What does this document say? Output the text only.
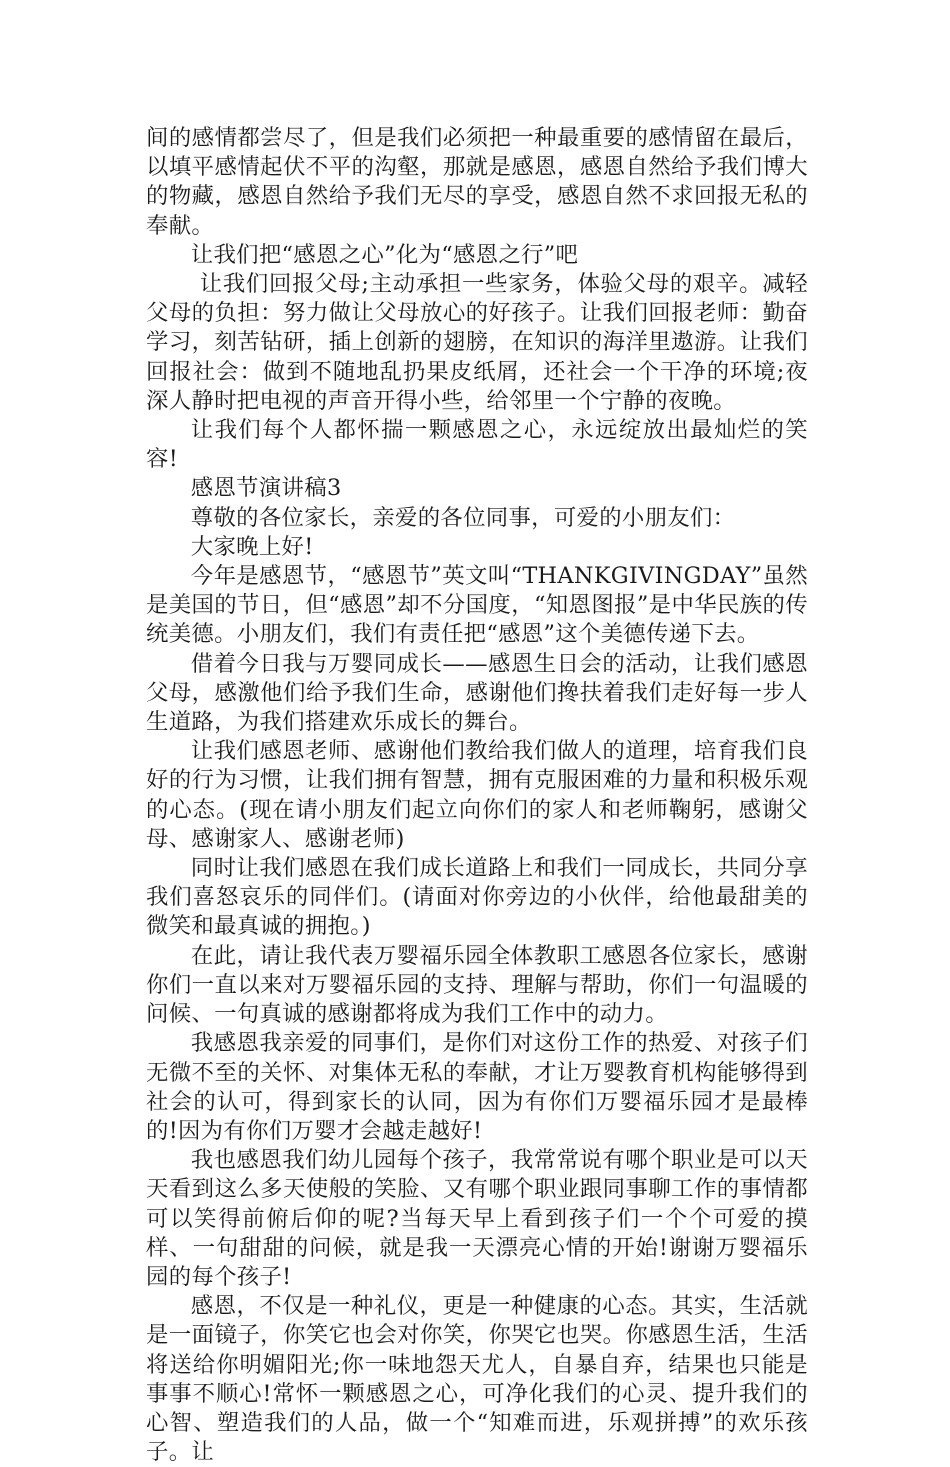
间的感情都尝尽了，但是我们必须把一种最重要的感情留在最后，以填平感情起伏不平的沟壑，那就是感恩，感恩自然给予我们博大的物藏，感恩自然给予我们无尽的享受，感恩自然不求回报无私的奉献。

让我们把“感恩之心”化为“感恩之行”吧

让我们回报父母;主动承担一些家务，体验父母的艰辛。减轻父母的负担：努力做让父母放心的好孩子。让我们回报老师：勤奋学习，刻苦钻研，插上创新的翅膀，在知识的海洋里遨游。让我们回报社会：做到不随地乱扔果皮纸屑，还社会一个干净的环境;夜深人静时把电视的声音开得小些，给邻里一个宁静的夜晚。

让我们每个人都怀揣一颗感恩之心，永远绽放出最灿烂的笑容!

感恩节演讲稿3

尊敬的各位家长，亲爱的各位同事，可爱的小朋友们：

大家晚上好!

今年是感恩节，“感恩节”英文叫“THANKGIVINGDAY”虽然是美国的节日，但“感恩”却不分国度，“知恩图报”是中华民族的传统美德。小朋友们，我们有责任把“感恩”这个美德传递下去。

借着今日我与万婴同成长——感恩生日会的活动，让我们感恩父母，感激他们给予我们生命，感谢他们搀扶着我们走好每一步人生道路，为我们搭建欢乐成长的舞台。

让我们感恩老师、感谢他们教给我们做人的道理，培育我们良好的行为习惯，让我们拥有智慧，拥有克服困难的力量和积极乐观的心态。(现在请小朋友们起立向你们的家人和老师鞠躬，感谢父母、感谢家人、感谢老师)

同时让我们感恩在我们成长道路上和我们一同成长，共同分享我们喜怒哀乐的同伴们。(请面对你旁边的小伙伴，给他最甜美的微笑和最真诚的拥抱。)

在此，请让我代表万婴福乐园全体教职工感恩各位家长，感谢你们一直以来对万婴福乐园的支持、理解与帮助，你们一句温暖的问候、一句真诚的感谢都将成为我们工作中的动力。

我感恩我亲爱的同事们，是你们对这份工作的热爱、对孩子们无微不至的关怀、对集体无私的奉献，才让万婴教育机构能够得到社会的认可，得到家长的认同，因为有你们万婴福乐园才是最棒的!因为有你们万婴才会越走越好!

我也感恩我们幼儿园每个孩子，我常常说有哪个职业是可以天天看到这么多天使般的笑脸、又有哪个职业跟同事聊工作的事情都可以笑得前俯后仰的呢?当每天早上看到孩子们一个个可爱的摸样、一句甜甜的问候，就是我一天漂亮心情的开始!谢谢万婴福乐园的每个孩子!

感恩，不仅是一种礼仪，更是一种健康的心态。其实，生活就是一面镜子，你笑它也会对你笑，你哭它也哭。你感恩生活，生活将送给你明媚阳光;你一味地怨天尤人，自暴自弃，结果也只能是事事不顺心!常怀一颗感恩之心，可净化我们的心灵、提升我们的心智、塑造我们的人品，做一个“知难而进，乐观拼搏”的欢乐孩子。让
